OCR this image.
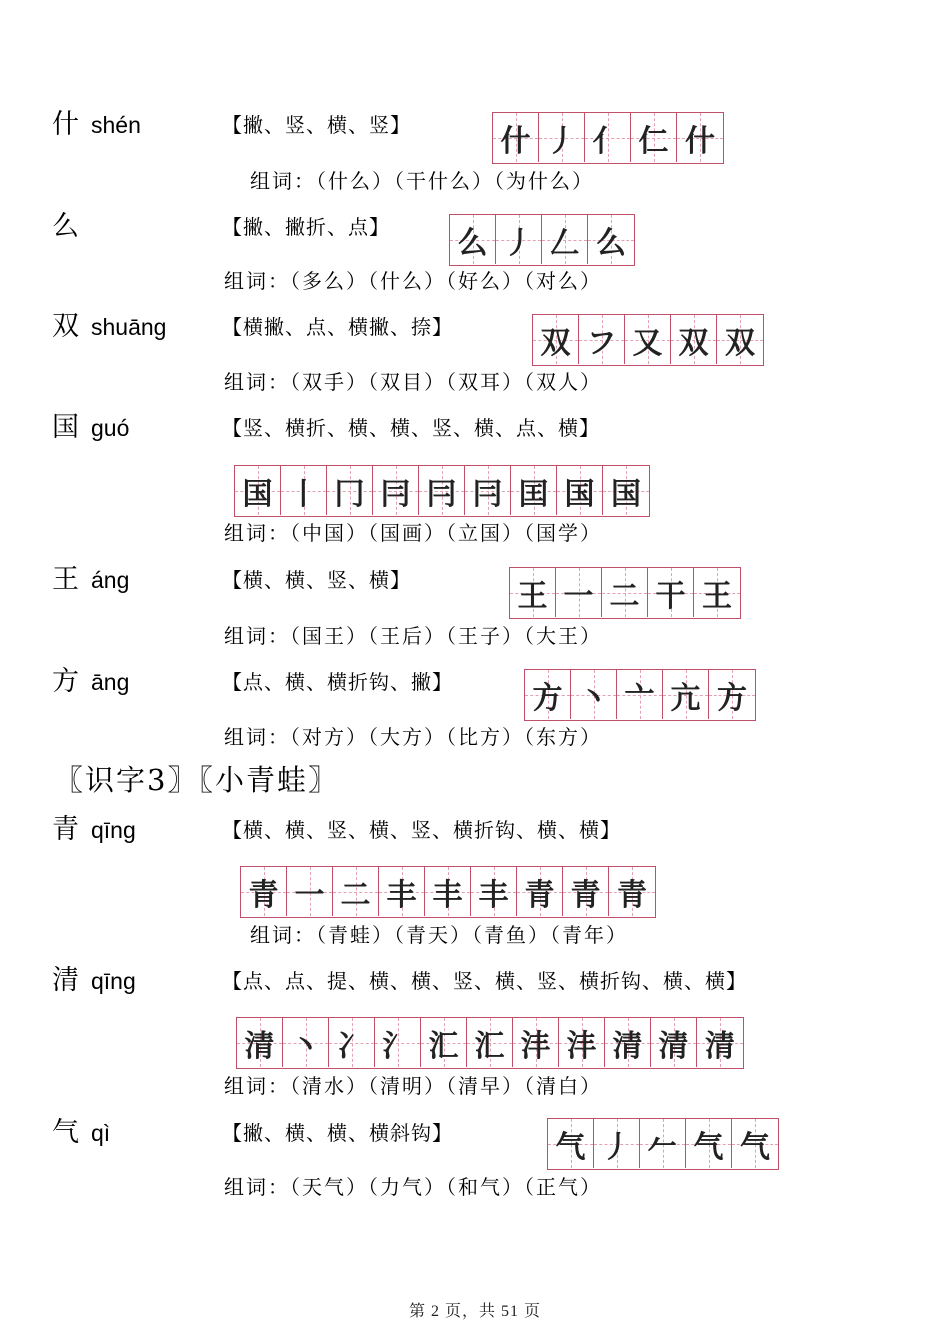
什 shén	【撇、竖、横、竖】	什 丿 亻 仁 什
组词：（什么）（干什么）（为什么）
么	【撇、撇折、点】 么 丿 𠃋 么
组词：（多么）（什么）（好么）（对么）
双 shuāng	【横撇、点、横撇、捺】	双 フ 又 双 双
组词：（双手）（双目）（双耳）（双人）
国 guó	【竖、横折、横、横、竖、横、点、横】
国 丨 冂 冃 冃 冃 囯 国 国
组词：（中国）（国画）（立国）（国学）
王 áng	【横、横、竖、横】	王 一 二 干 王
组词：（国王）（王后）（王子）（大王）
方 āng	【点、横、横折钩、撇】	方 丶 亠 亢 方
组词：（对方）（大方）（比方）（东方）
〖识字3〗〖小青蛙〗
青 qīng	【横、横、竖、横、竖、横折钩、横、横】
青 一 二 丰 丰 丰 青 青 青
组词：（青蛙）（青天）（青鱼）（青年）
清 qīng	【点、点、提、横、横、竖、横、竖、横折钩、横、横】
清 丶 冫 氵 汇 汇 沣 沣 清 清 清
组词：（清水）（清明）（清早）（清白）
气 qì	【撇、横、横、横斜钩】	气 丿 𠂉 气 气
组词：（天气）（力气）（和气）（正气）
第 2 页，共 51 页
